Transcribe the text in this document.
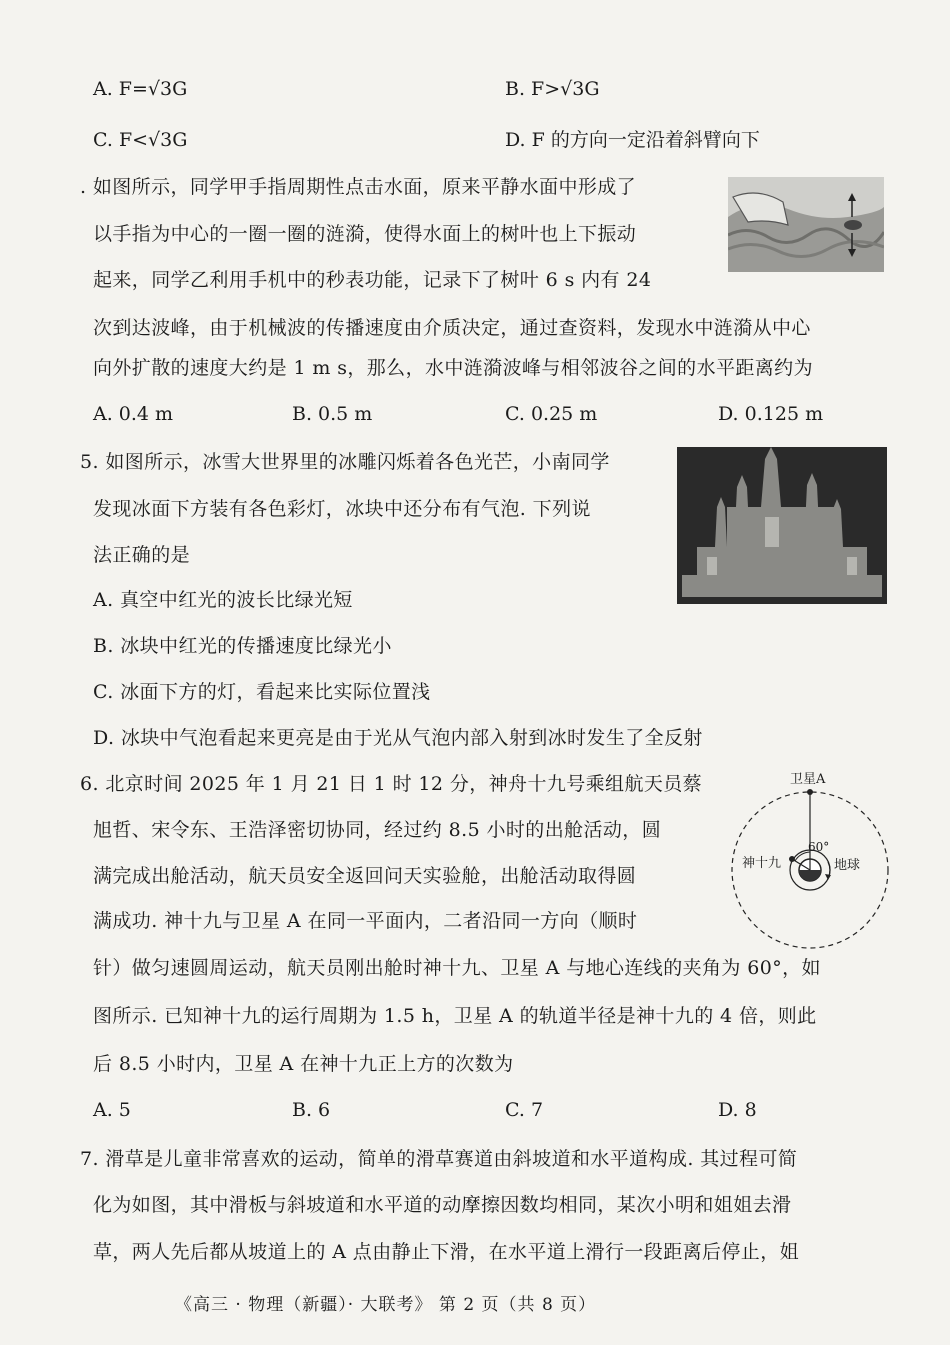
A. F=√3G	B. F>√3G
C. F<√3G	D. F 的方向一定沿着斜臂向下
. 如图所示，同学甲手指周期性点击水面，原来平静水面中形成了
以手指为中心的一圈一圈的涟漪，使得水面上的树叶也上下振动
起来，同学乙利用手机中的秒表功能，记录下了树叶 6 s 内有 24
次到达波峰，由于机械波的传播速度由介质决定，通过查资料，发现水中涟漪从中心
向外扩散的速度大约是 1 m s，那么，水中涟漪波峰与相邻波谷之间的水平距离约为
A. 0.4 m	B. 0.5 m	C. 0.25 m	D. 0.125 m
5. 如图所示，冰雪大世界里的冰雕闪烁着各色光芒，小南同学
发现冰面下方装有各色彩灯，冰块中还分布有气泡. 下列说
法正确的是
A. 真空中红光的波长比绿光短
B. 冰块中红光的传播速度比绿光小
C. 冰面下方的灯，看起来比实际位置浅
D. 冰块中气泡看起来更亮是由于光从气泡内部入射到冰时发生了全反射
6. 北京时间 2025 年 1 月 21 日 1 时 12 分，神舟十九号乘组航天员蔡
旭哲、宋令东、王浩泽密切协同，经过约 8.5 小时的出舱活动，圆
满完成出舱活动，航天员安全返回问天实验舱，出舱活动取得圆
满成功. 神十九与卫星 A 在同一平面内，二者沿同一方向（顺时
针）做匀速圆周运动，航天员刚出舱时神十九、卫星 A 与地心连线的夹角为 60°，如
图所示. 已知神十九的运行周期为 1.5 h，卫星 A 的轨道半径是神十九的 4 倍，则此
后 8.5 小时内，卫星 A 在神十九正上方的次数为
卫星A
神十九	地球
60°
A. 5	B. 6	C. 7	D. 8
7. 滑草是儿童非常喜欢的运动，简单的滑草赛道由斜坡道和水平道构成. 其过程可简
化为如图，其中滑板与斜坡道和水平道的动摩擦因数均相同，某次小明和姐姐去滑
草，两人先后都从坡道上的 A 点由静止下滑，在水平道上滑行一段距离后停止，姐
《高三 · 物理（新疆）· 大联考》 第 2 页（共 8 页）
